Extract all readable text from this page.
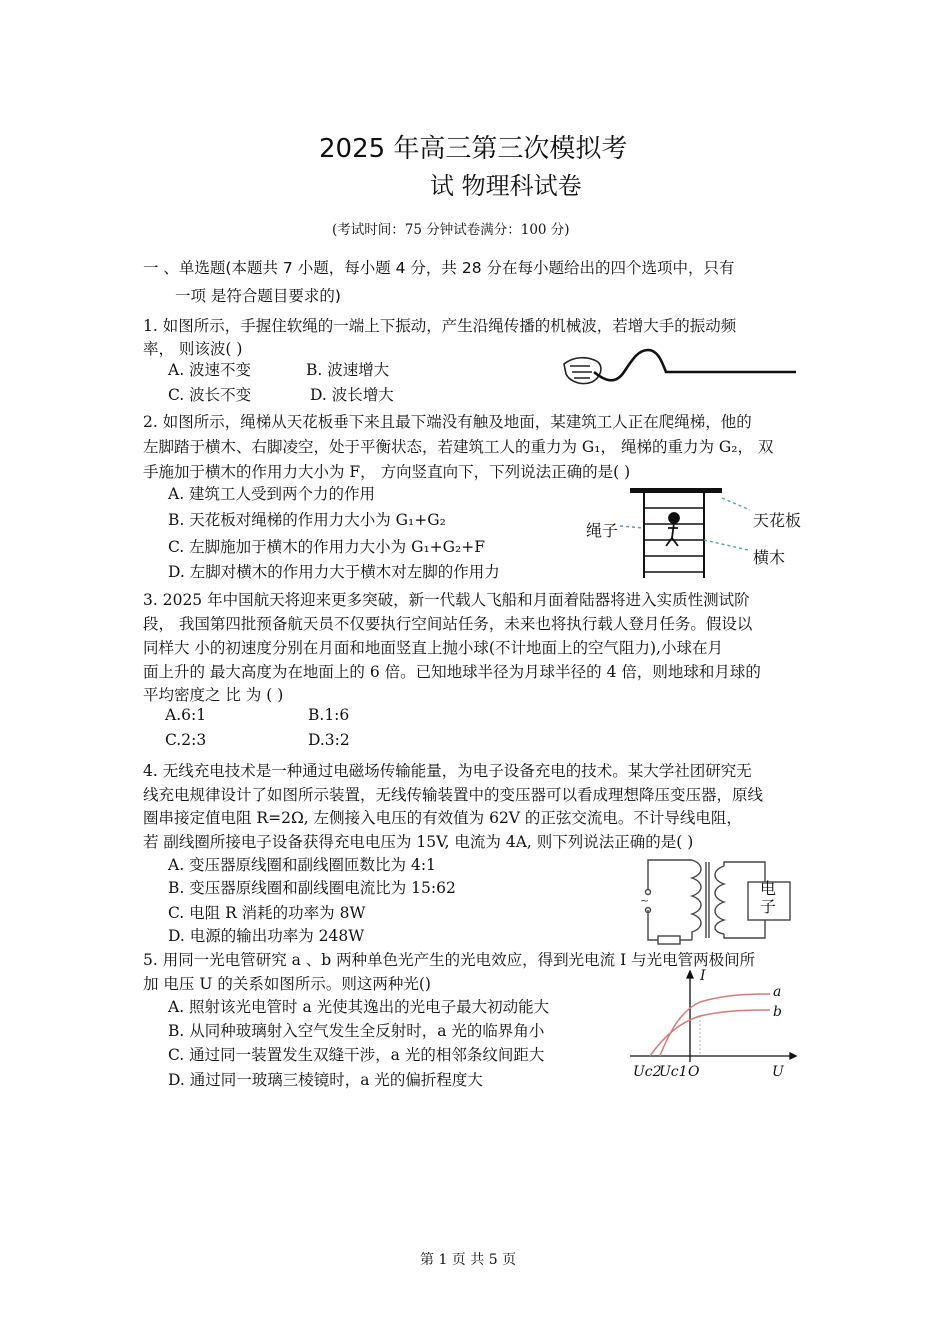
2025 年高三第三次模拟考
试 物理科试卷
(考试时间：75 分钟试卷满分：100 分)
一 、单选题(本题共 7 小题，每小题 4 分，共 28 分在每小题给出的四个选项中，只有
一项 是符合题目要求的)
1. 如图所示，手握住软绳的一端上下振动，产生沿绳传播的机械波，若增大手的振动频
率， 则该波( )
A. 波速不变	B. 波速增大
C. 波长不变	D. 波长增大
2. 如图所示，绳梯从天花板垂下来且最下端没有触及地面，某建筑工人正在爬绳梯，他的
左脚踏于横木、右脚凌空，处于平衡状态，若建筑工人的重力为 G₁， 绳梯的重力为 G₂， 双
手施加于横木的作用力大小为 F， 方向竖直向下，下列说法正确的是( )
A. 建筑工人受到两个力的作用
B. 天花板对绳梯的作用力大小为 G₁+G₂
C. 左脚施加于横木的作用力大小为 G₁+G₂+F
D. 左脚对横木的作用力大于横木对左脚的作用力
绳子
天花板
横木
3. 2025 年中国航天将迎来更多突破，新一代载人飞船和月面着陆器将进入实质性测试阶
段， 我国第四批预备航天员不仅要执行空间站任务，未来也将执行载人登月任务。假设以
同样大 小的初速度分别在月面和地面竖直上抛小球(不计地面上的空气阻力),小球在月
面上升的 最大高度为在地面上的 6 倍。已知地球半径为月球半径的 4 倍，则地球和月球的
平均密度之 比 为 ( )
A.6:1	B.1:6
C.2:3	D.3:2
4. 无线充电技术是一种通过电磁场传输能量，为电子设备充电的技术。某大学社团研究无
线充电规律设计了如图所示装置，无线传输装置中的变压器可以看成理想降压变压器，原线
圈串接定值电阻 R=2Ω, 左侧接入电压的有效值为 62V 的正弦交流电。不计导线电阻，
若 副线圈所接电子设备获得充电电压为 15V, 电流为 4A, 则下列说法正确的是( )
A. 变压器原线圈和副线圈匝数比为 4:1
B. 变压器原线圈和副线圈电流比为 15:62
C. 电阻 R 消耗的功率为 8W
D. 电源的输出功率为 248W
~
电子
5. 用同一光电管研究 a 、b 两种单色光产生的光电效应，得到光电流 I 与光电管两极间所
加 电压 U 的关系如图所示。则这两种光()
A. 照射该光电管时 a 光使其逸出的光电子最大初动能大
B. 从同种玻璃射入空气发生全反射时，a 光的临界角小
C. 通过同一装置发生双缝干涉，a 光的相邻条纹间距大
D. 通过同一玻璃三棱镜时，a 光的偏折程度大
I
a
b
Uc2
Uc1 O	U
第 1 页 共 5 页
